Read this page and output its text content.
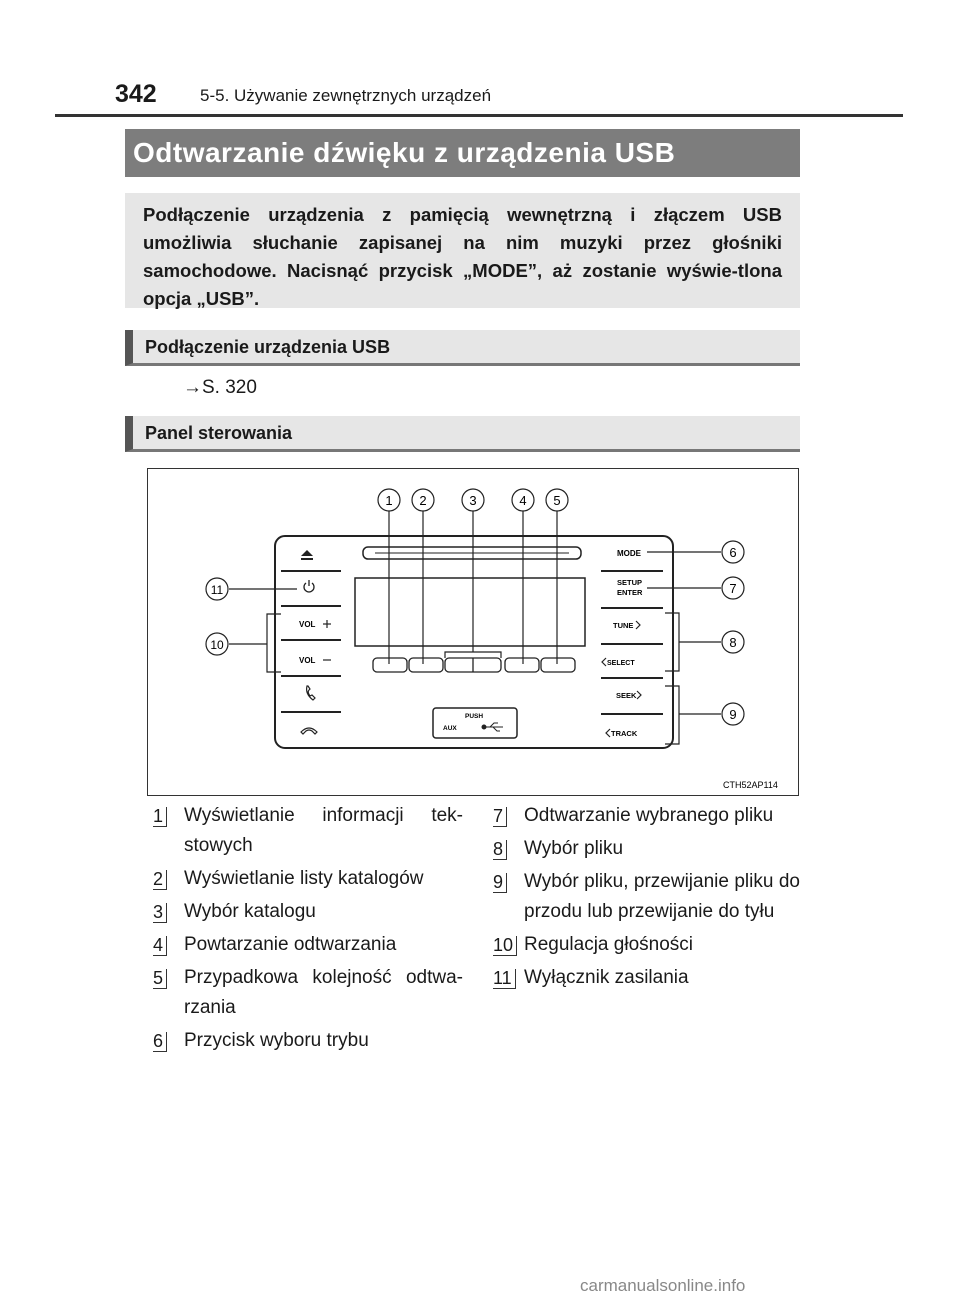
342	5-5. Używanie zewnętrznych urządzeń
Odtwarzanie dźwięku z urządzenia USB
Podłączenie urządzenia z pamięcią wewnętrzną i złączem USB umożliwia słuchanie zapisanej na nim muzyki przez głośniki samochodowe. Nacisnąć przycisk „MODE”, aż zostanie wyświe-tlona opcja „USB”.
Podłączenie urządzenia USB
→S. 320
Panel sterowania
PUSH
AUX
VOL
VOL
MODE
SETUP
ENTER
TUNE
SELECT
SEEK
TRACK
1 2	3	4 5
6
7
8
9
10
11
CTH52AP114
1 Wyświetlanie informacji tek-stowych
2 Wyświetlanie listy katalogów
3 Wybór katalogu
4 Powtarzanie odtwarzania
5 Przypadkowa kolejność odtwa-rzania
6 Przycisk wyboru trybu
7 Odtwarzanie wybranego pliku
8 Wybór pliku
9 Wybór pliku, przewijanie pliku do przodu lub przewijanie do tyłu
10 Regulacja głośności
11 Wyłącznik zasilania
carmanualsonline.info
